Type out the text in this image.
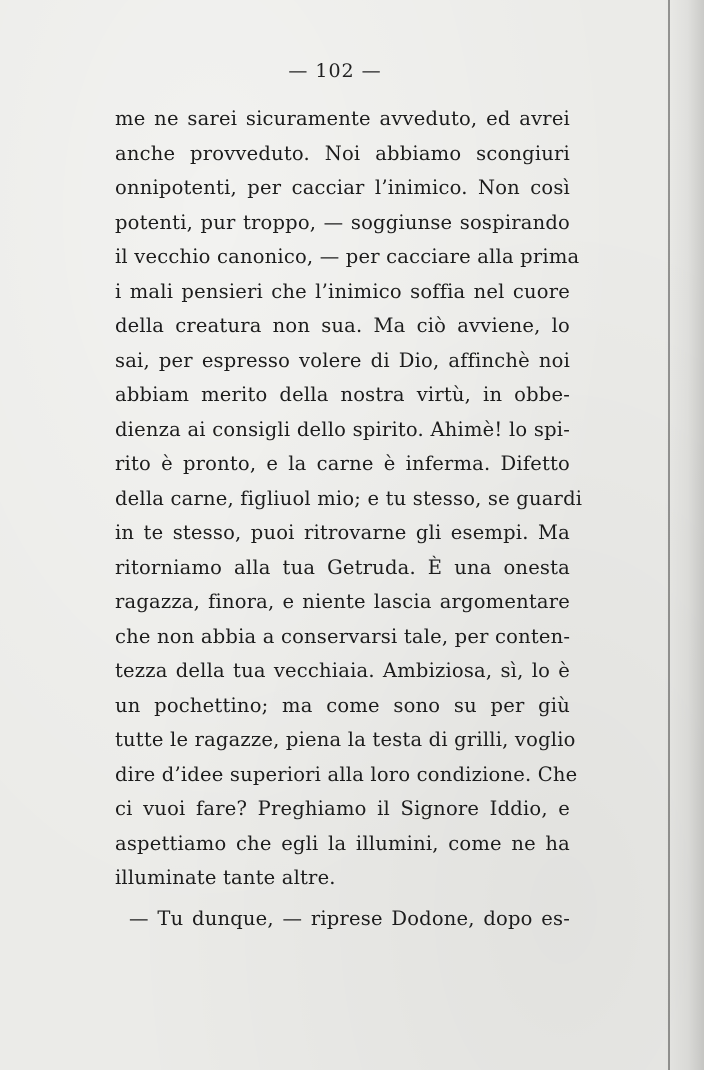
— 102 —
me ne sarei sicuramente avveduto, ed avrei
anche provveduto. Noi abbiamo scongiuri
onnipotenti, per cacciar l’inimico. Non così
potenti, pur troppo, — soggiunse sospirando
il vecchio canonico, — per cacciare alla prima
i mali pensieri che l’inimico soffia nel cuore
della creatura non sua. Ma ciò avviene, lo
sai, per espresso volere di Dio, affinchè noi
abbiam merito della nostra virtù, in obbe-
dienza ai consigli dello spirito. Ahimè! lo spi-
rito è pronto, e la carne è inferma. Difetto
della carne, figliuol mio; e tu stesso, se guardi
in te stesso, puoi ritrovarne gli esempi. Ma
ritorniamo alla tua Getruda. È una onesta
ragazza, finora, e niente lascia argomentare
che non abbia a conservarsi tale, per conten-
tezza della tua vecchiaia. Ambiziosa, sì, lo è
un pochettino; ma come sono su per giù
tutte le ragazze, piena la testa di grilli, voglio
dire d’idee superiori alla loro condizione. Che
ci vuoi fare? Preghiamo il Signore Iddio, e
aspettiamo che egli la illumini, come ne ha
illuminate tante altre.
— Tu dunque, — riprese Dodone, dopo es-
